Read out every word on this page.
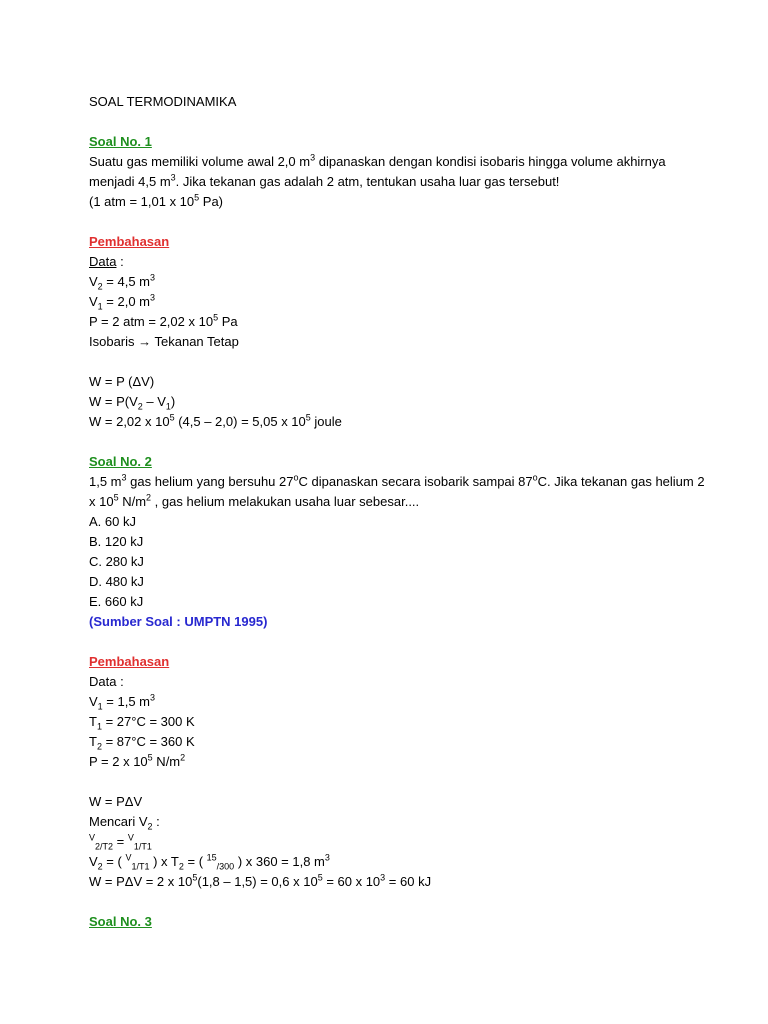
SOAL TERMODINAMIKA
Soal No. 1
Suatu gas memiliki volume awal 2,0 $m^3$ dipanaskan dengan kondisi isobaris hingga volume akhirnya
menjadi 4,5 $m^3$. Jika tekanan gas adalah 2 atm, tentukan usaha luar gas tersebut!
(1 atm = 1,01 x $10^5$ Pa)
Pembahasan
Data :
$V_2 = 4,5$ $m^3$
$V_1 = 2,0$ $m^3$
P = 2 atm = 2,02 x $10^5$ Pa
Isobaris → Tekanan Tetap
W = P (ΔV)
$W = P(V_2 - V_1)$
W = 2,02 x $10^5$ (4,5 – 2,0) = 5,05 x $10^5$ joule
Soal No. 2
1,5 $m^3$ gas helium yang bersuhu 27$^o$C dipanaskan secara isobarik sampai 87$^o$C. Jika tekanan gas helium 2
x $10^5$ $N/m^2$ , gas helium melakukan usaha luar sebesar....
A. 60 kJ
B. 120 kJ
C. 280 kJ
D. 480 kJ
E. 660 kJ
(Sumber Soal : UMPTN 1995)
Pembahasan
Data :
$V_1 = 1,5$ $m^3$
$T_1 = 27^\circ C = 300$ K
$T_2 = 87^\circ C = 360$ K
P = 2 x $10^5$ $N/m^2$
W = PΔV
Mencari $V_2$ :
$^V_{2/T2}$ = $^V_{1/T1}$
$V_2$ = ( $^V_{1/T1}$ ) x $T_2$ = ( $^{15}_{/300}$ ) x 360 = 1,8 $m^3$
W = PΔV = 2 x $10^5(1,8 - 1,5) = 0,6$ x $10^5 = 60$ x $10^3 = 60$ kJ
Soal No. 3
